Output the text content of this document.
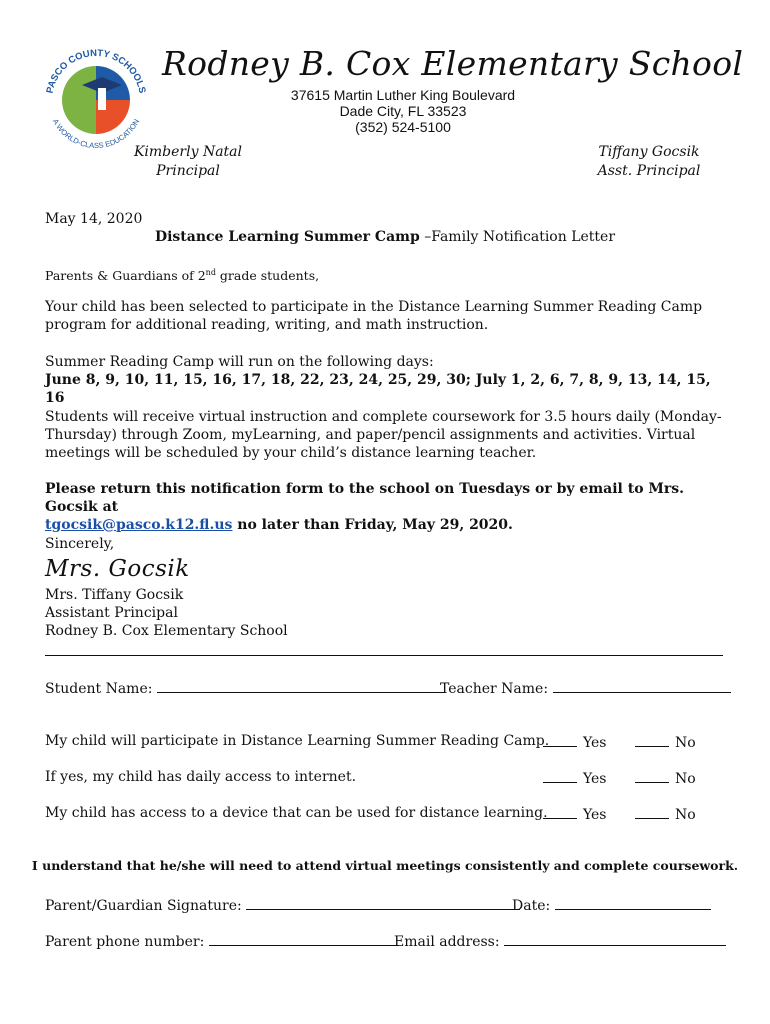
PASCO COUNTY SCHOOLS
A WORLD-CLASS EDUCATION
Rodney B. Cox Elementary School
37615 Martin Luther King Boulevard
Dade City, FL 33523
(352) 524-5100
Kimberly Natal
Principal
Tiffany Gocsik
Asst. Principal
May 14, 2020
Distance Learning Summer Camp –Family Notification Letter
Parents & Guardians of 2nd grade students,
Your child has been selected to participate in the Distance Learning Summer Reading Camp program for additional reading, writing, and math instruction.
Summer Reading Camp will run on the following days:
June 8, 9, 10, 11, 15, 16, 17, 18, 22, 23, 24, 25, 29, 30; July 1, 2, 6, 7, 8, 9, 13, 14, 15, 16
Students will receive virtual instruction and complete coursework for 3.5 hours daily (Monday-Thursday) through Zoom, myLearning, and paper/pencil assignments and activities. Virtual meetings will be scheduled by your child’s distance learning teacher.
Please return this notification form to the school on Tuesdays or by email to Mrs. Gocsik at
tgocsik@pasco.k12.fl.us no later than Friday, May 29, 2020.
Sincerely,
Mrs. Gocsik
Mrs. Tiffany Gocsik
Assistant Principal
Rodney B. Cox Elementary School
Student Name:	Teacher Name:
My child will participate in Distance Learning Summer Reading Camp.	Yes	No
If yes, my child has daily access to internet.	Yes	No
My child has access to a device that can be used for distance learning.	Yes	No
I understand that he/she will need to attend virtual meetings consistently and complete coursework.
Parent/Guardian Signature:	Date:
Parent phone number:	Email address:
